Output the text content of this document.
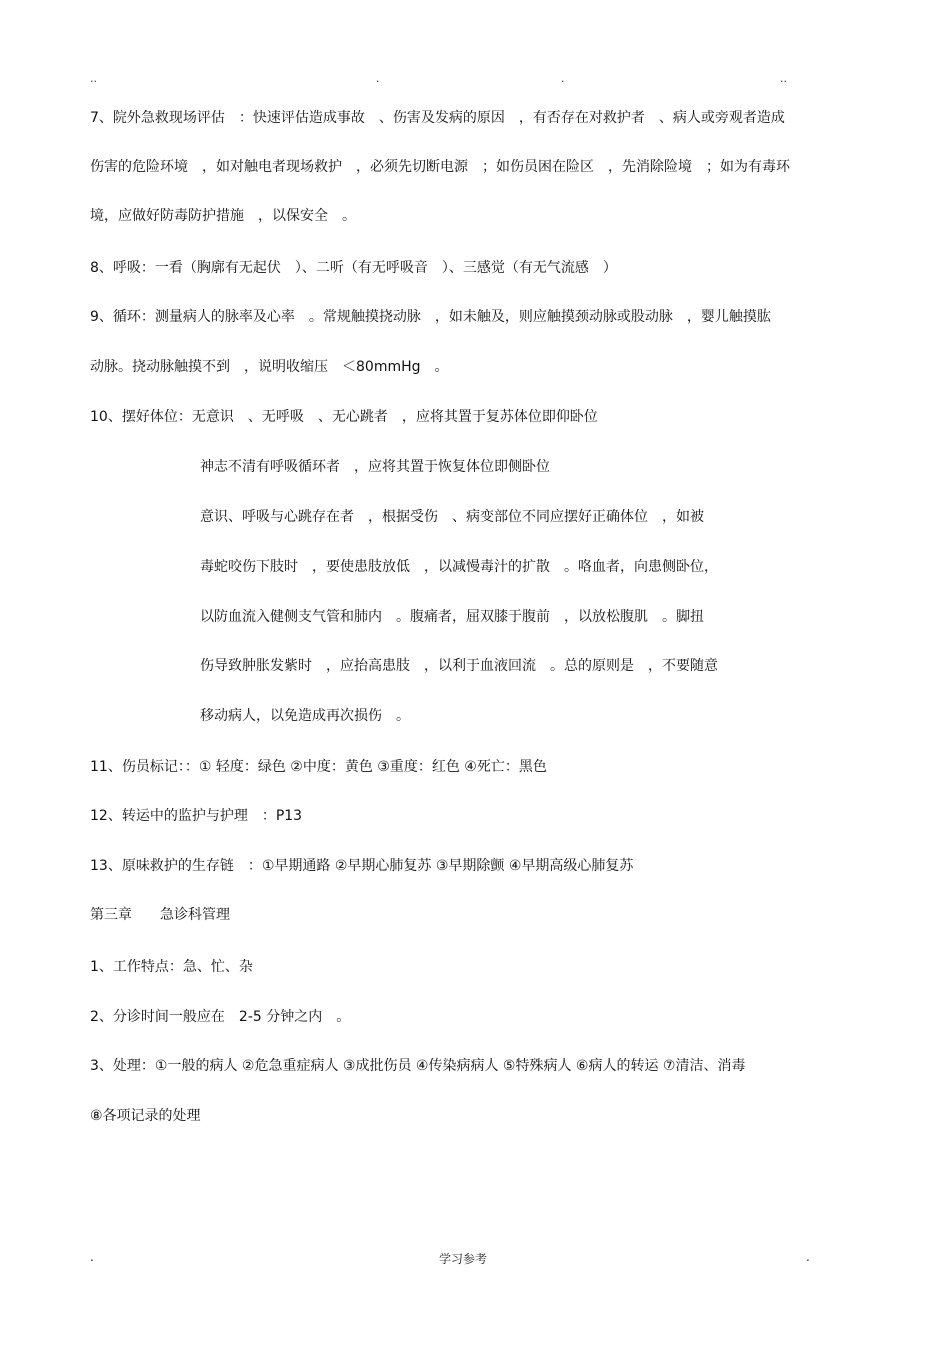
..	.	.	..
7、院外急救现场评估　：快速评估造成事故　、伤害及发病的原因　，有否存在对救护者　、病人或旁观者造成
伤害的危险环境　，如对触电者现场救护　，必须先切断电源　；如伤员困在险区　，先消除险境　；如为有毒环
境，应做好防毒防护措施　，以保安全　。
8、呼吸：一看（胸廓有无起伏　）、二听（有无呼吸音　）、三感觉（有无气流感　）
9、循环：测量病人的脉率及心率　。常规触摸挠动脉　，如未触及，则应触摸颈动脉或股动脉　，婴儿触摸肱
动脉。挠动脉触摸不到　，说明收缩压　＜80mmHg　。
10、摆好体位：无意识　、无呼吸　、无心跳者　，应将其置于复苏体位即仰卧位
神志不清有呼吸循环者　，应将其置于恢复体位即侧卧位
意识、呼吸与心跳存在者　，根据受伤　、病变部位不同应摆好正确体位　，如被
毒蛇咬伤下肢时　，要使患肢放低　，以减慢毒汁的扩散　。咯血者，向患侧卧位，
以防血流入健侧支气管和肺内　。腹痛者，屈双膝于腹前　，以放松腹肌　。脚扭
伤导致肿胀发紫时　，应抬高患肢　，以利于血液回流　。总的原则是　，不要随意
移动病人，以免造成再次损伤　。
11、伤员标记：：① 轻度：绿色 ②中度：黄色 ③重度：红色 ④死亡：黑色
12、转运中的监护与护理　：P13
13、原味救护的生存链　：①早期通路 ②早期心肺复苏 ③早期除颤 ④早期高级心肺复苏
第三章　　急诊科管理
1、工作特点：急、忙、杂
2、分诊时间一般应在　2-5 分钟之内　。
3、处理：①一般的病人 ②危急重症病人 ③成批伤员 ④传染病病人 ⑤特殊病人 ⑥病人的转运 ⑦清洁、消毒
⑧各项记录的处理
.	学习参考	.
